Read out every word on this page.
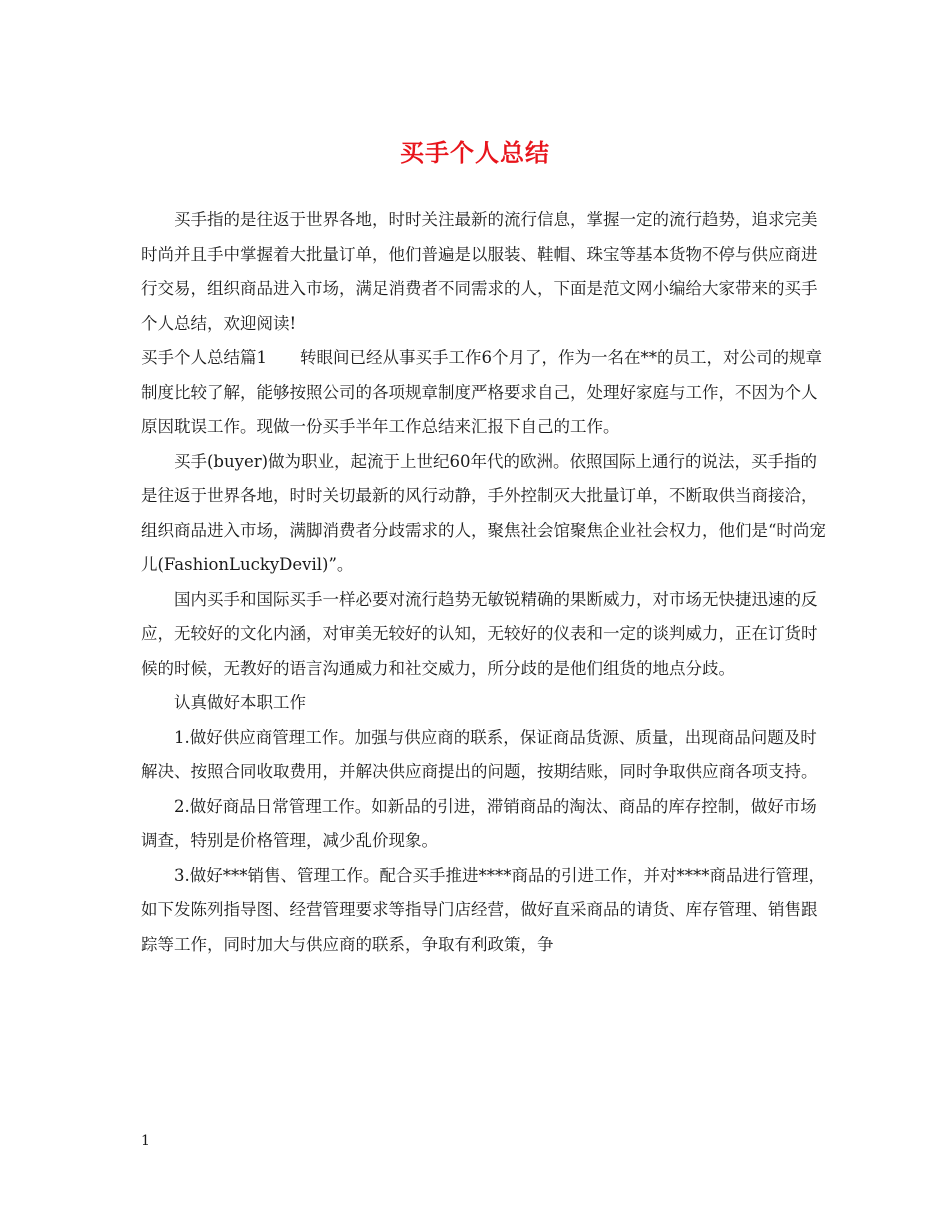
买手个人总结

买手指的是往返于世界各地，时时关注最新的流行信息，掌握一定的流行趋势，追求完美时尚并且手中掌握着大批量订单，他们普遍是以服装、鞋帽、珠宝等基本货物不停与供应商进行交易，组织商品进入市场，满足消费者不同需求的人，下面是范文网小编给大家带来的买手个人总结，欢迎阅读!

买手个人总结篇1　　转眼间已经从事买手工作6个月了，作为一名在**的员工，对公司的规章制度比较了解，能够按照公司的各项规章制度严格要求自己，处理好家庭与工作，不因为个人原因耽误工作。现做一份买手半年工作总结来汇报下自己的工作。

买手(buyer)做为职业，起流于上世纪60年代的欧洲。依照国际上通行的说法，买手指的是往返于世界各地，时时关切最新的风行动静，手外控制灭大批量订单，不断取供当商接洽，组织商品进入市场，满脚消费者分歧需求的人，聚焦社会馆聚焦企业社会权力，他们是“时尚宠儿(FashionLuckyDevil)”。

国内买手和国际买手一样必要对流行趋势无敏锐精确的果断威力，对市场无快捷迅速的反应，无较好的文化内涵，对审美无较好的认知，无较好的仪表和一定的谈判威力，正在订货时候的时候，无教好的语言沟通威力和社交威力，所分歧的是他们组货的地点分歧。

认真做好本职工作

1.做好供应商管理工作。加强与供应商的联系，保证商品货源、质量，出现商品问题及时解决、按照合同收取费用，并解决供应商提出的问题，按期结账，同时争取供应商各项支持。

2.做好商品日常管理工作。如新品的引进，滞销商品的淘汰、商品的库存控制，做好市场调查，特别是价格管理，减少乱价现象。

3.做好***销售、管理工作。配合买手推进****商品的引进工作，并对****商品进行管理，如下发陈列指导图、经营管理要求等指导门店经营，做好直采商品的请货、库存管理、销售跟踪等工作，同时加大与供应商的联系，争取有利政策，争

1
